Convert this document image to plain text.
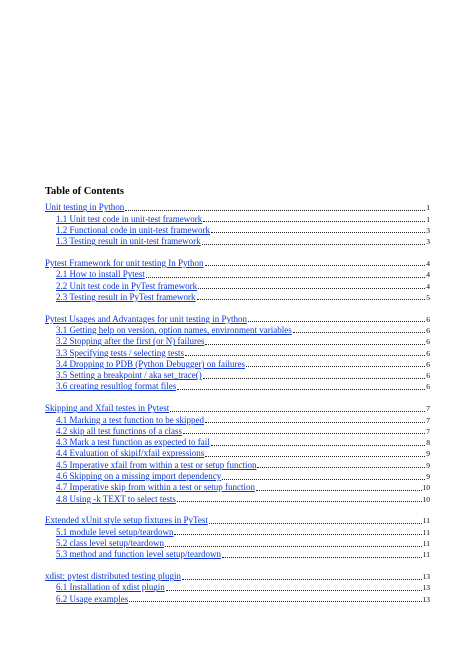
Table of Contents
Unit testing in Python	1
1.1 Unit test code in unit-test framework	1
1.2 Functional code in unit-test framework	3
1.3 Testing result in unit-test framework	3
Pytest Framework for unit testing In Python	4
2.1 How to install Pytest	4
2.2 Unit test code in PyTest framework	4
2.3 Testing result in PyTest framework	5
Pytest Usages and Advantages for unit testing in Python	6
3.1 Getting help on version, option names, environment variables	6
3.2 Stopping after the first (or N) failures	6
3.3 Specifying tests / selecting tests	6
3.4 Dropping to PDB (Python Debugger) on failures	6
3.5 Setting a breakpoint / aka set_trace()	6
3.6 creating resultlog format files	6
Skipping and Xfail testes in Pytest	7
4.1 Marking a test function to be skipped	7
4.2 skip all test functions of a class	7
4.3 Mark a test function as expected to fail	8
4.4 Evaluation of skipif/xfail expressions	9
4.5 Imperative xfail from within a test or setup function	9
4.6 Skipping on a missing import dependency	9
4.7 Imperative skip from within a test or setup function	10
4.8 Using -k TEXT to select tests	10
Extended xUnit style setup fixtures in PyTest	11
5.1 module level setup/teardown	11
5.2 class level setup/teardown	11
5.3 method and function level setup/teardown	11
xdist: pytest distributed testing plugin	13
6.1 Installation of xdist plugin	13
6.2 Usage examples	13
